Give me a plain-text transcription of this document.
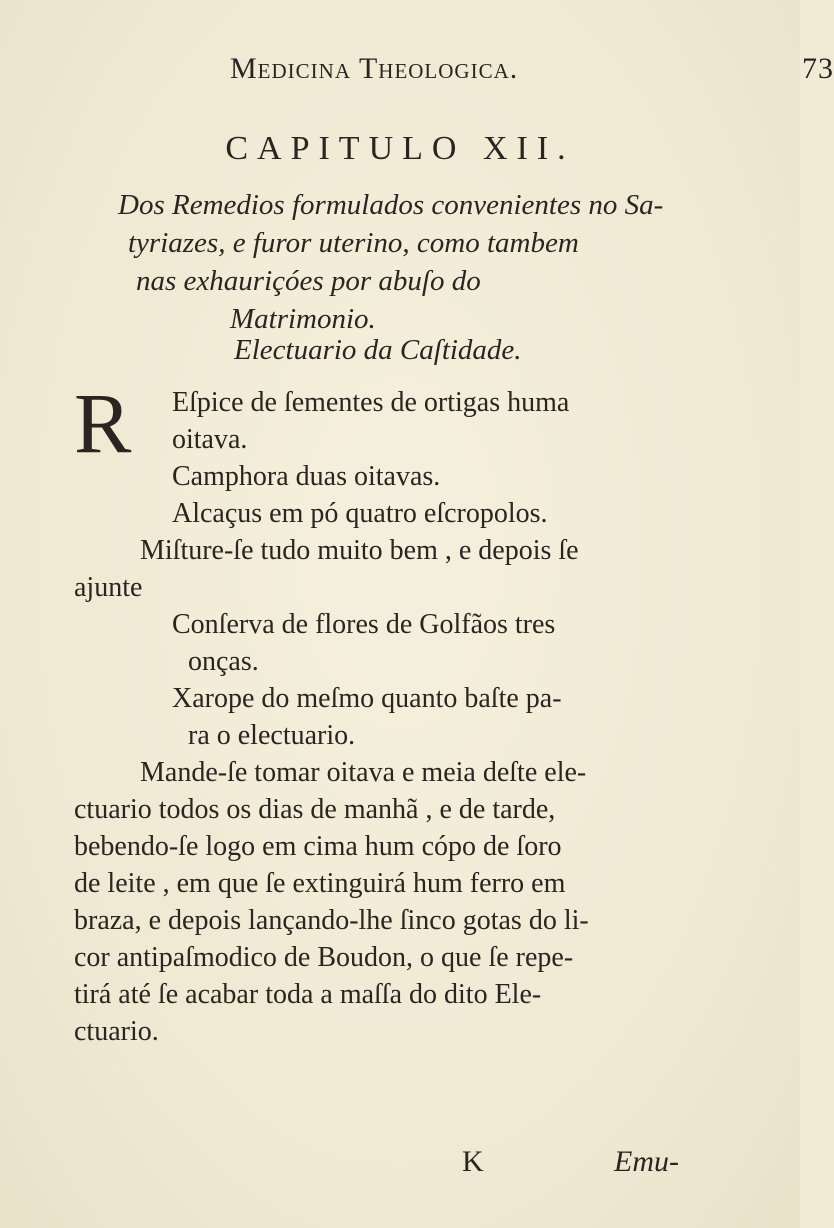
Medicina Theologica.	73
CAPITULO XII.
Dos Remedios formulados convenientes no Sa-
tyriazes, e furor uterino, como tambem
nas exhauriçóes por abuſo do
Matrimonio.
Electuario da Caſtidade.
R	Eſpice de ſementes de ortigas huma
oitava.
Camphora duas oitavas.
Alcaçus em pó quatro eſcropolos.
Miſture-ſe tudo muito bem , e depois ſe
ajunte
Conſerva de flores de Golfãos tres
onças.
Xarope do meſmo quanto baſte pa-
ra o electuario.
Mande-ſe tomar oitava e meia deſte ele-
ctuario todos os dias de manhã , e de tarde,
bebendo-ſe logo em cima hum cópo de ſoro
de leite , em que ſe extinguirá hum ferro em
braza, e depois lançando-lhe ſinco gotas do li-
cor antipaſmodico de Boudon, o que ſe repe-
tirá até ſe acabar toda a maſſa do dito Ele-
ctuario.
K	Emu-
